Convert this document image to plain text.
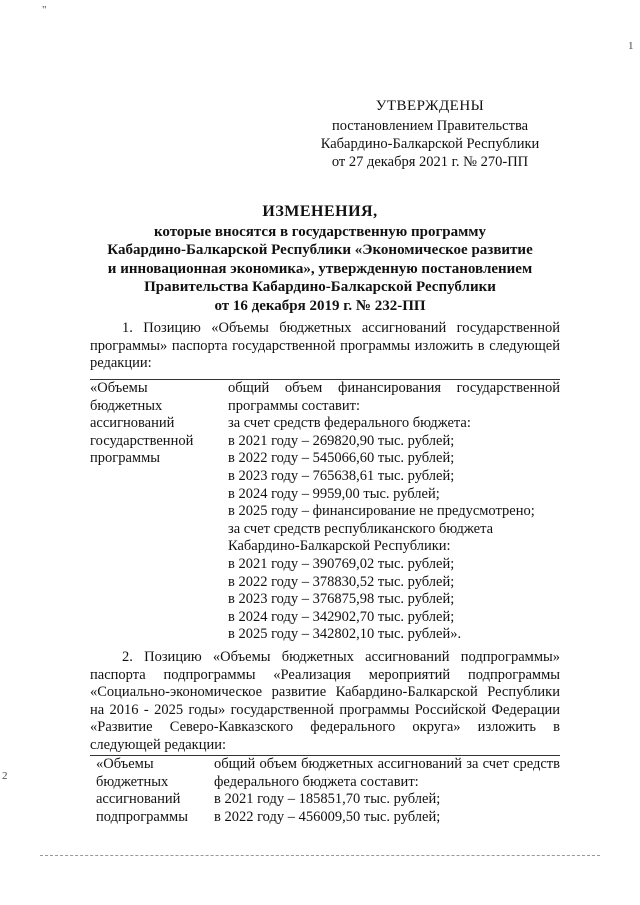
"
1
2
УТВЕРЖДЕНЫ
постановлением Правительства
Кабардино-Балкарской Республики
от 27 декабря 2021 г. № 270-ПП
ИЗМЕНЕНИЯ,
которые вносятся в государственную программу
Кабардино-Балкарской Республики «Экономическое развитие
и инновационная экономика», утвержденную постановлением
Правительства Кабардино-Балкарской Республики
от 16 декабря 2019 г. № 232-ПП
1. Позицию «Объемы бюджетных ассигнований государственной программы» паспорта государственной программы изложить в следующей редакции:
«Объемы
бюджетных
ассигнований
государственной
программы
общий объем финансирования государственной программы составит:
за счет средств федерального бюджета:
в 2021 году – 269820,90 тыс. рублей;
в 2022 году – 545066,60 тыс. рублей;
в 2023 году – 765638,61 тыс. рублей;
в 2024 году – 9959,00 тыс. рублей;
в 2025 году – финансирование не предусмотрено;
за счет средств республиканского бюджета
Кабардино-Балкарской Республики:
в 2021 году – 390769,02 тыс. рублей;
в 2022 году – 378830,52 тыс. рублей;
в 2023 году – 376875,98 тыс. рублей;
в 2024 году – 342902,70 тыс. рублей;
в 2025 году – 342802,10 тыс. рублей».
2. Позицию «Объемы бюджетных ассигнований подпрограммы» паспорта подпрограммы «Реализация мероприятий подпрограммы «Социально-экономическое развитие Кабардино-Балкарской Республики на 2016 - 2025 годы» государственной программы Российской Федерации «Развитие Северо-Кавказского федерального округа» изложить в следующей редакции:
«Объемы
бюджетных
ассигнований
подпрограммы
общий объем бюджетных ассигнований за счет средств федерального бюджета составит:
в 2021 году – 185851,70 тыс. рублей;
в 2022 году – 456009,50 тыс. рублей;
